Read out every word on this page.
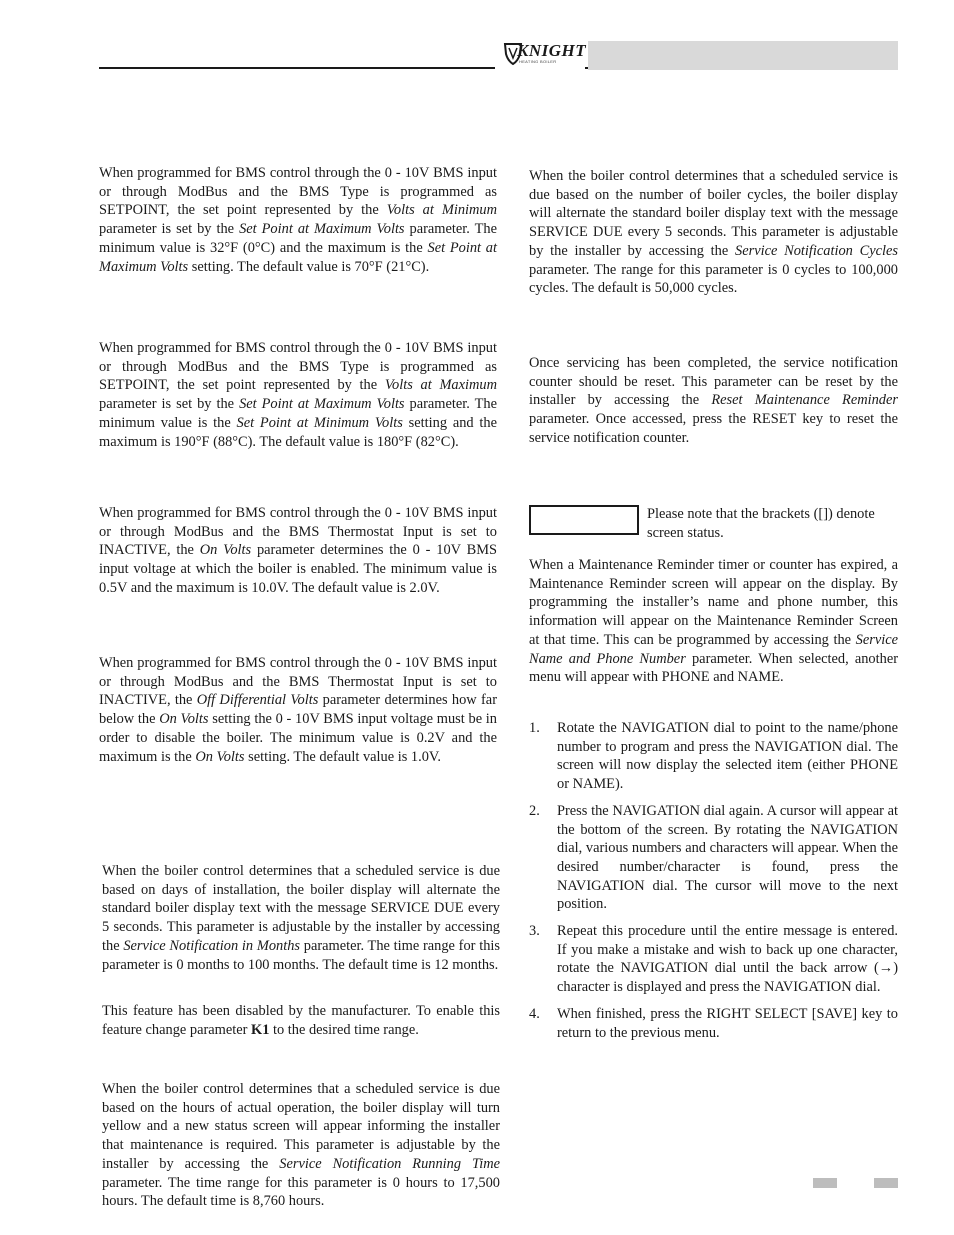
KNIGHT
HEATING BOILER

When programmed for BMS control through the 0 - 10V BMS input or through ModBus and the BMS Type is programmed as SETPOINT, the set point represented by the Volts at Minimum parameter is set by the Set Point at Maximum Volts parameter. The minimum value is 32°F (0°C) and the maximum is the Set Point at Maximum Volts setting. The default value is 70°F (21°C).

When programmed for BMS control through the 0 - 10V BMS input or through ModBus and the BMS Type is programmed as SETPOINT, the set point represented by the Volts at Maximum parameter is set by the Set Point at Maximum Volts parameter. The minimum value is the Set Point at Minimum Volts setting and the maximum is 190°F (88°C). The default value is 180°F (82°C).

When programmed for BMS control through the 0 - 10V BMS input or through ModBus and the BMS Thermostat Input is set to INACTIVE, the On Volts parameter determines the 0 - 10V BMS input voltage at which the boiler is enabled. The minimum value is 0.5V and the maximum is 10.0V. The default value is 2.0V.

When programmed for BMS control through the 0 - 10V BMS input or through ModBus and the BMS Thermostat Input is set to INACTIVE, the Off Differential Volts parameter determines how far below the On Volts setting the 0 - 10V BMS input voltage must be in order to disable the boiler. The minimum value is 0.2V and the maximum is the On Volts setting. The default value is 1.0V.

When the boiler control determines that a scheduled service is due based on days of installation, the boiler display will alternate the standard boiler display text with the message SERVICE DUE every 5 seconds. This parameter is adjustable by the installer by accessing the Service Notification in Months parameter. The time range for this parameter is 0 months to 100 months. The default time is 12 months.

This feature has been disabled by the manufacturer. To enable this feature change parameter K1 to the desired time range.

When the boiler control determines that a scheduled service is due based on the hours of actual operation, the boiler display will turn yellow and a new status screen will appear informing the installer that maintenance is required. This parameter is adjustable by the installer by accessing the Service Notification Running Time parameter. The time range for this parameter is 0 hours to 17,500 hours. The default time is 8,760 hours.

When the boiler control determines that a scheduled service is due based on the number of boiler cycles, the boiler display will alternate the standard boiler display text with the message SERVICE DUE every 5 seconds. This parameter is adjustable by the installer by accessing the Service Notification Cycles parameter. The range for this parameter is 0 cycles to 100,000 cycles. The default is 50,000 cycles.

Once servicing has been completed, the service notification counter should be reset. This parameter can be reset by the installer by accessing the Reset Maintenance Reminder parameter. Once accessed, press the RESET key to reset the service notification counter.

Please note that the brackets ([]) denote screen status.

When a Maintenance Reminder timer or counter has expired, a Maintenance Reminder screen will appear on the display. By programming the installer’s name and phone number, this information will appear on the Maintenance Reminder Screen at that time. This can be programmed by accessing the Service Name and Phone Number parameter. When selected, another menu will appear with PHONE and NAME.

1. Rotate the NAVIGATION dial to point to the name/phone number to program and press the NAVIGATION dial. The screen will now display the selected item (either PHONE or NAME).
2. Press the NAVIGATION dial again. A cursor will appear at the bottom of the screen. By rotating the NAVIGATION dial, various numbers and characters will appear. When the desired number/character is found, press the NAVIGATION dial. The cursor will move to the next position.
3. Repeat this procedure until the entire message is entered. If you make a mistake and wish to back up one character, rotate the NAVIGATION dial until the back arrow (→) character is displayed and press the NAVIGATION dial.
4. When finished, press the RIGHT SELECT [SAVE] key to return to the previous menu.
